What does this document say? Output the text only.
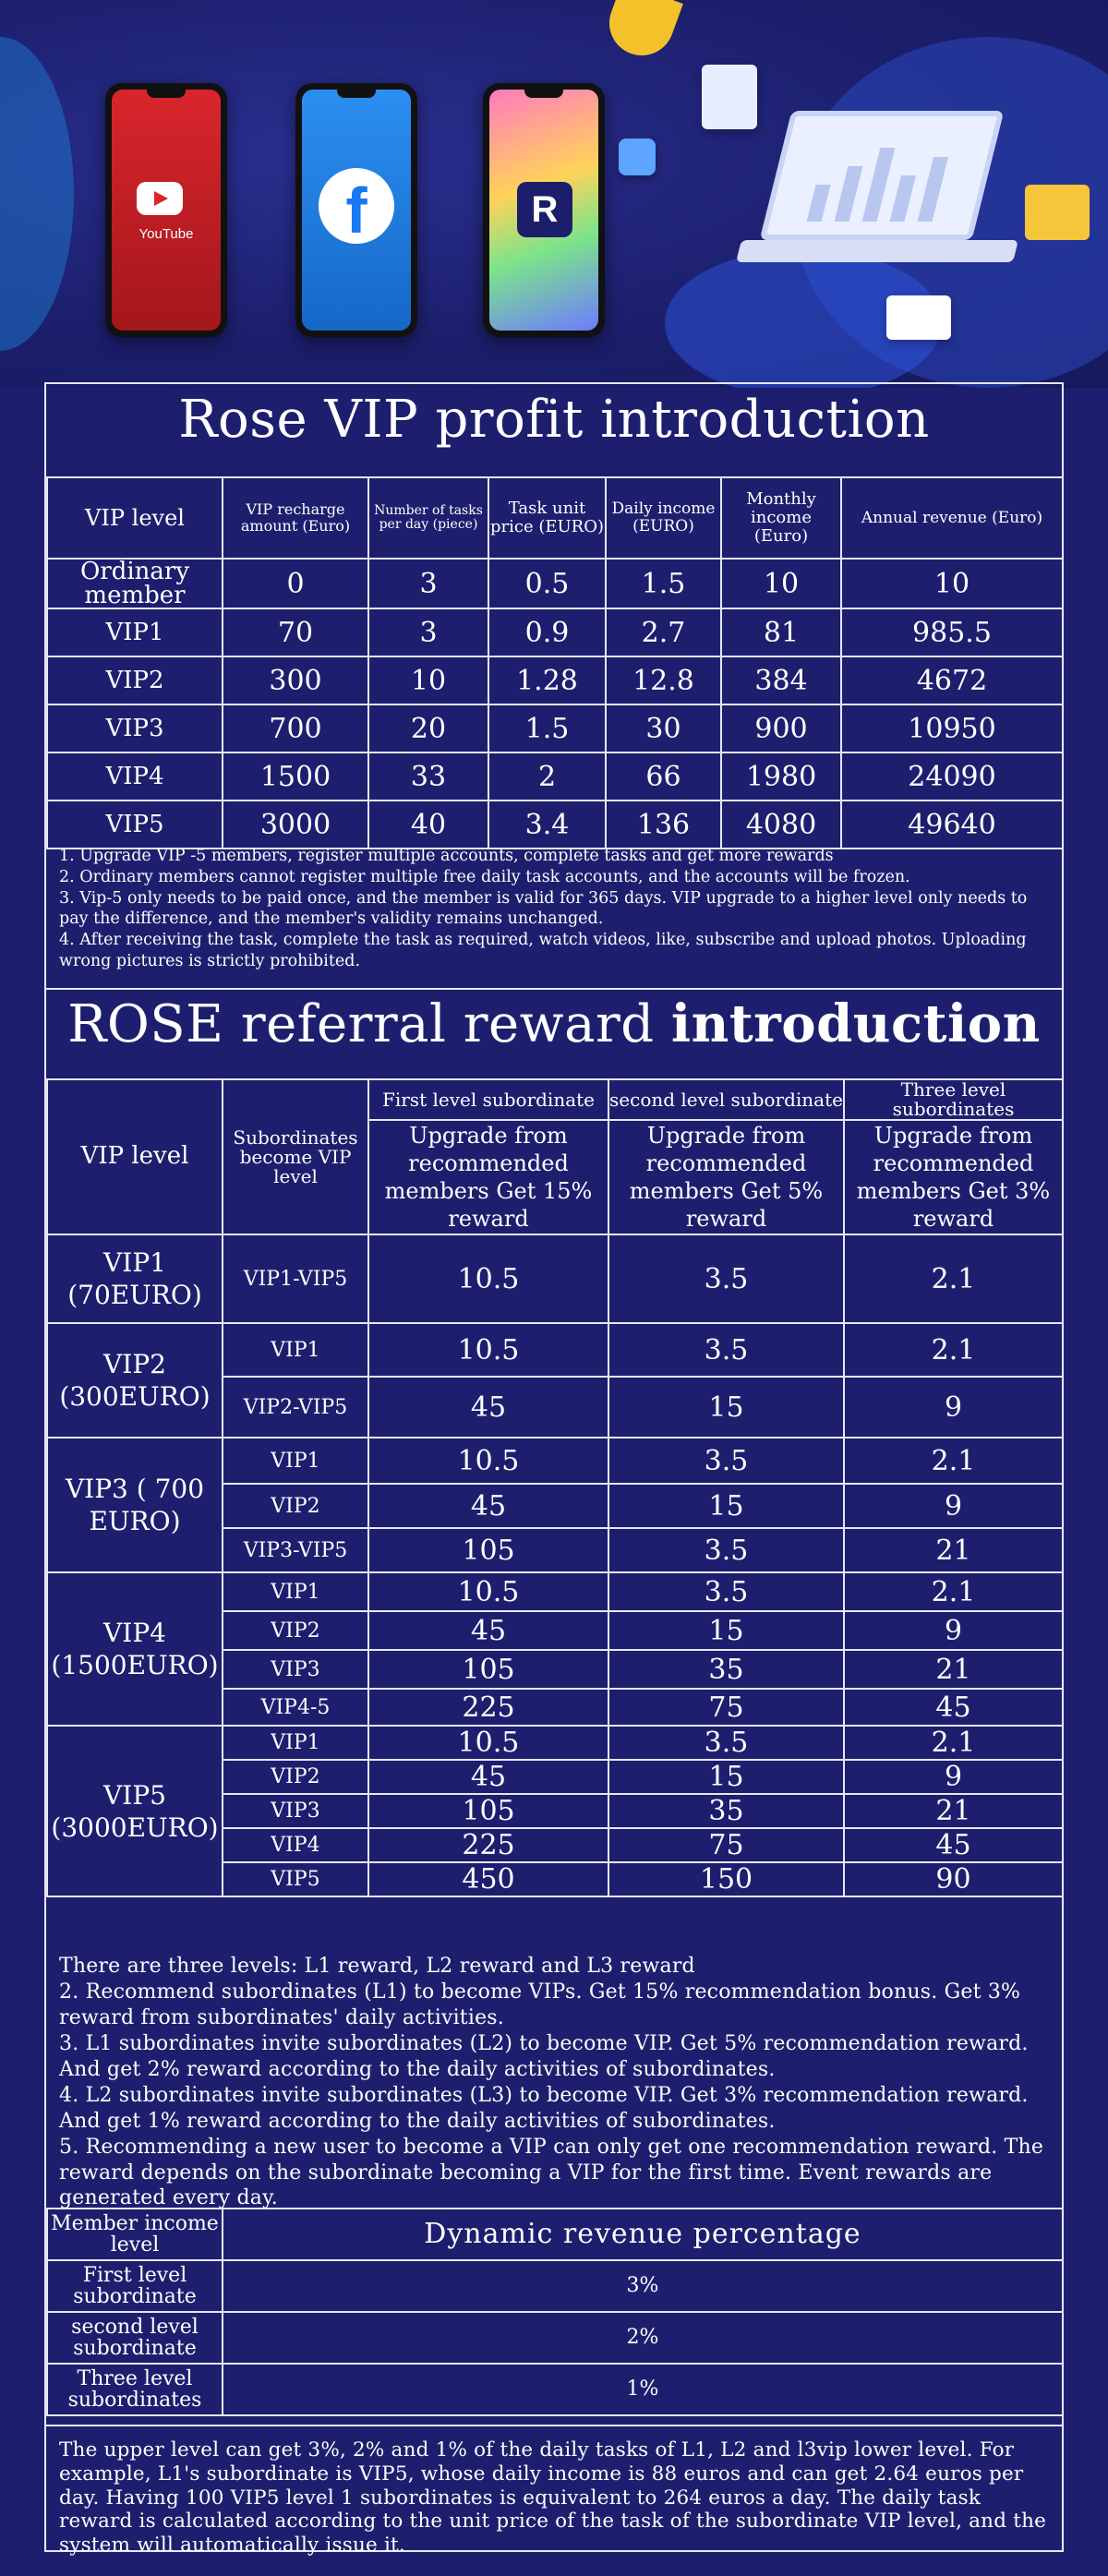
YouTube	f	R
Rose VIP profit introduction
VIP level	VIP recharge amount (Euro)	Number of tasks per day (piece)	Task unit price (EURO)	Daily income (EURO)	Monthly income (Euro)	Annual revenue (Euro)
Ordinary member	0	3	0.5	1.5	10	10
VIP1	70	3	0.9	2.7	81	985.5
VIP2	300	10	1.28	12.8	384	4672
VIP3	700	20	1.5	30	900	10950
VIP4	1500	33	2	66	1980	24090
VIP5	3000	40	3.4	136	4080	49640
1. Upgrade VIP -5 members, register multiple accounts, complete tasks and get more rewards
2. Ordinary members cannot register multiple free daily task accounts, and the accounts will be frozen.
3. Vip-5 only needs to be paid once, and the member is valid for 365 days. VIP upgrade to a higher level only needs to pay the difference, and the member's validity remains unchanged.
4. After receiving the task, complete the task as required, watch videos, like, subscribe and upload photos. Uploading wrong pictures is strictly prohibited.
ROSE referral reward introduction
VIP level	Subordinates become VIP level	First level subordinate	second level subordinate	Three level subordinates
		Upgrade from recommended members Get 15% reward	Upgrade from recommended members Get 5% reward	Upgrade from recommended members Get 3% reward
VIP1 (70EURO)	VIP1-VIP5	10.5	3.5	2.1
VIP2 (300EURO)	VIP1	10.5	3.5	2.1
	VIP2-VIP5	45	15	9
VIP3 ( 700 EURO)	VIP1	10.5	3.5	2.1
	VIP2	45	15	9
	VIP3-VIP5	105	3.5	21
VIP4 (1500EURO)	VIP1	10.5	3.5	2.1
	VIP2	45	15	9
	VIP3	105	35	21
	VIP4-5	225	75	45
VIP5 (3000EURO)	VIP1	10.5	3.5	2.1
	VIP2	45	15	9
	VIP3	105	35	21
	VIP4	225	75	45
	VIP5	450	150	90
There are three levels: L1 reward, L2 reward and L3 reward
2. Recommend subordinates (L1) to become VIPs. Get 15% recommendation bonus. Get 3% reward from subordinates' daily activities.
3. L1 subordinates invite subordinates (L2) to become VIP. Get 5% recommendation reward. And get 2% reward according to the daily activities of subordinates.
4. L2 subordinates invite subordinates (L3) to become VIP. Get 3% recommendation reward. And get 1% reward according to the daily activities of subordinates.
5. Recommending a new user to become a VIP can only get one recommendation reward. The reward depends on the subordinate becoming a VIP for the first time. Event rewards are generated every day.
Member income level	Dynamic revenue percentage
First level subordinate	3%
second level subordinate	2%
Three level subordinates	1%
The upper level can get 3%, 2% and 1% of the daily tasks of L1, L2 and l3vip lower level. For example, L1's subordinate is VIP5, whose daily income is 88 euros and can get 2.64 euros per day. Having 100 VIP5 level 1 subordinates is equivalent to 264 euros a day. The daily task reward is calculated according to the unit price of the task of the subordinate VIP level, and the system will automatically issue it.
